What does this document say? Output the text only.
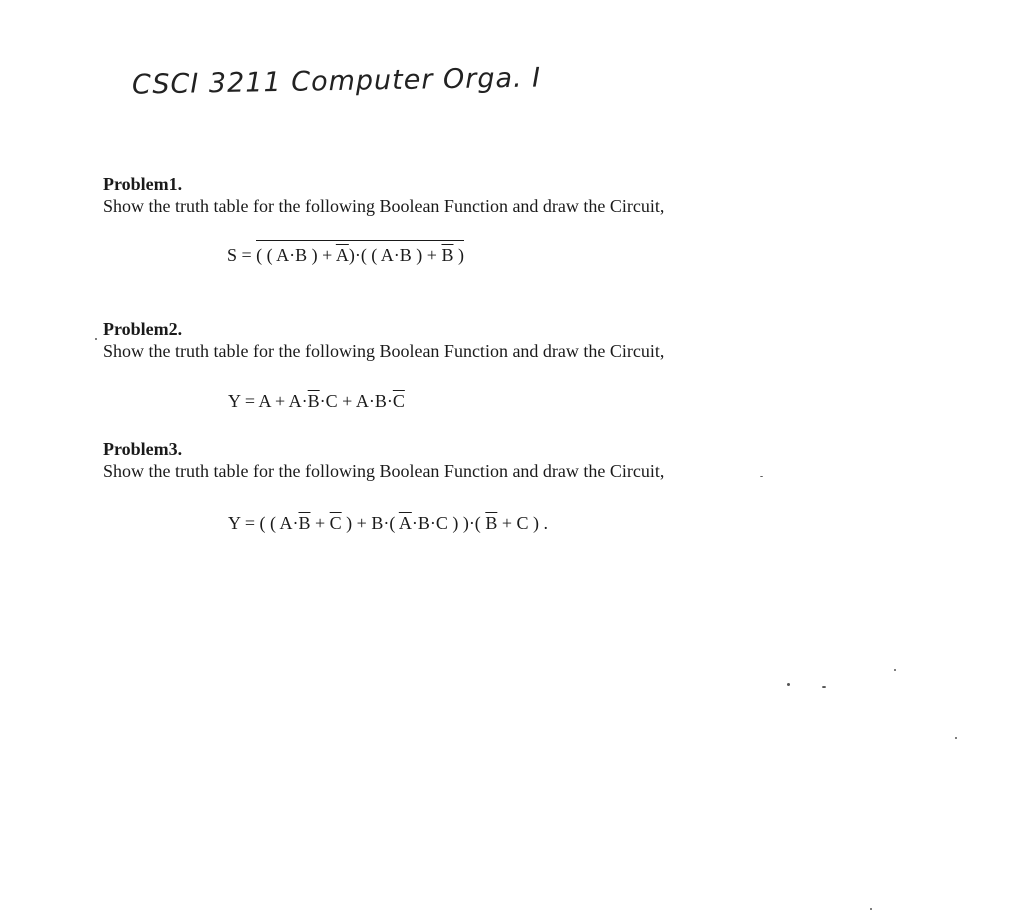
CSCI 3211 Computer Orga. I
Problem1.
Show the truth table for the following Boolean Function and draw the Circuit,
S = ( ( A·B ) + $\overline{A})\cdot$( ( A·B ) + $\overline{B}$ )
Problem2.
Show the truth table for the following Boolean Function and draw the Circuit,
$Y = A + A\cdot\overline{B}\cdot C + A\cdot B\cdot\overline{C}$
Problem3.
Show the truth table for the following Boolean Function and draw the Circuit,
Y = ( ( $A\cdot\overline{B} + \overline{C}$ ) + B·( $\overline{A}\cdot B\cdot C$ ) )·( $\overline{B} + C$ ) .
